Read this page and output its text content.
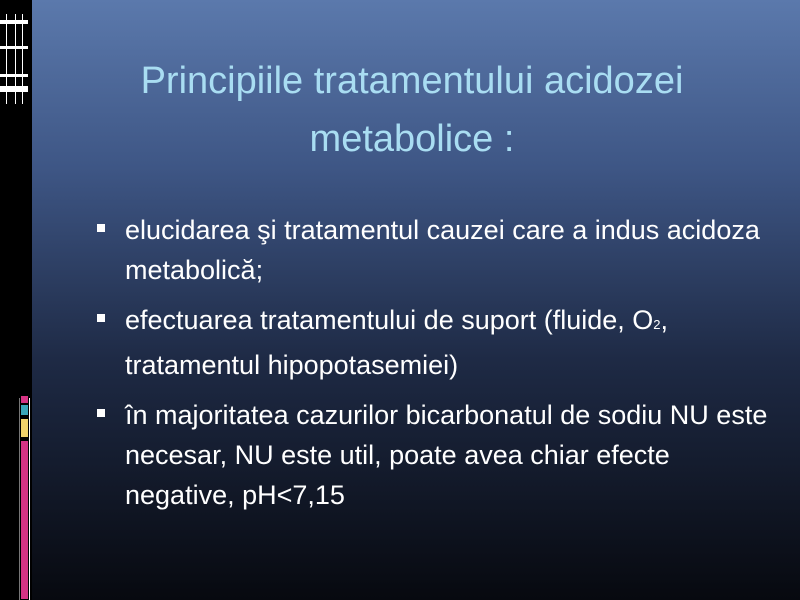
Principiile tratamentului acidozei metabolice :
elucidarea şi tratamentul cauzei care a indus acidoza metabolică;
efectuarea tratamentului de suport (fluide, O2, tratamentul hipopotasemiei)
în majoritatea cazurilor bicarbonatul de sodiu NU este necesar, NU este util, poate avea chiar efecte negative, pH<7,15
